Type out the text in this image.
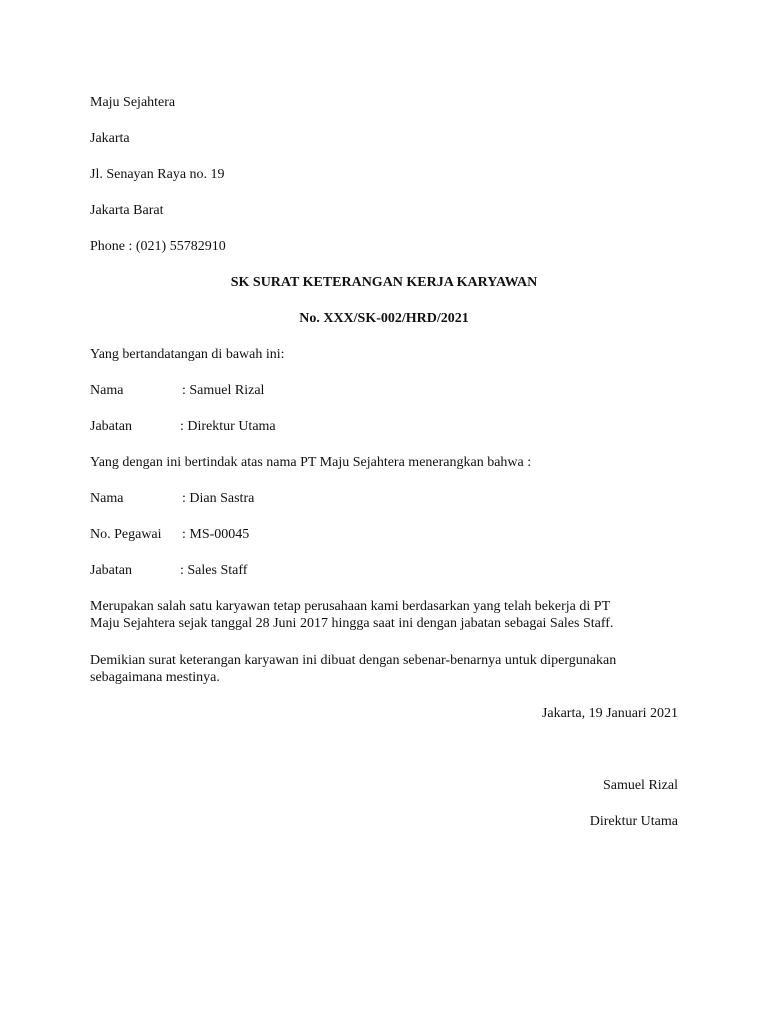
Maju Sejahtera
Jakarta
Jl. Senayan Raya no. 19
Jakarta Barat
Phone : (021) 55782910
SK SURAT KETERANGAN KERJA KARYAWAN
No. XXX/SK-002/HRD/2021
Yang bertandatangan di bawah ini:
Nama	: Samuel Rizal
Jabatan	: Direktur Utama
Yang dengan ini bertindak atas nama PT Maju Sejahtera menerangkan bahwa :
Nama	: Dian Sastra
No. Pegawai : MS-00045
Jabatan	: Sales Staff
Merupakan salah satu karyawan tetap perusahaan kami berdasarkan yang telah bekerja di PT
Maju Sejahtera sejak tanggal 28 Juni 2017 hingga saat ini dengan jabatan sebagai Sales Staff.
Demikian surat keterangan karyawan ini dibuat dengan sebenar-benarnya untuk dipergunakan
sebagaimana mestinya.
Jakarta, 19 Januari 2021
Samuel Rizal
Direktur Utama
